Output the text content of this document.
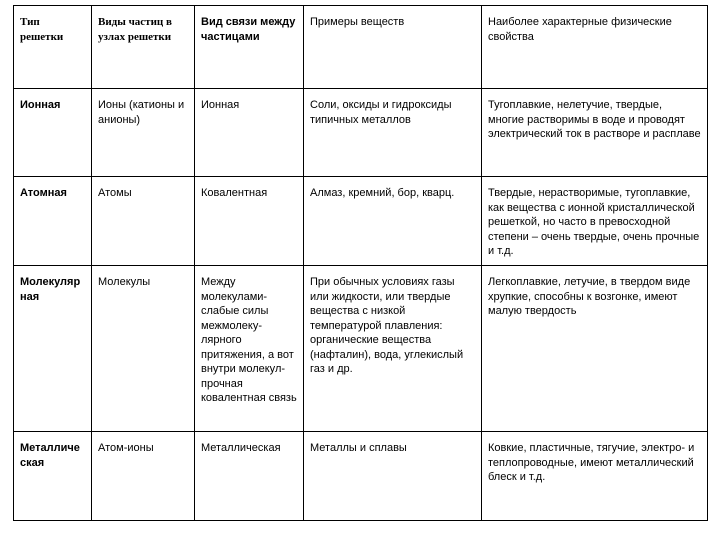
Тип решетки	Виды частиц в узлах решетки	Вид связи между частицами	Примеры веществ	Наиболее характерные физические свойства
Ионная	Ионы (катионы и анионы)	Ионная	Соли, оксиды и гидроксиды типичных металлов	Тугоплавкие, нелетучие, твердые, многие растворимы в воде и проводят электрический ток в растворе и расплаве
Атомная	Атомы	Ковалентная	Алмаз, кремний, бор, кварц.	Твердые, нерастворимые, тугоплавкие, как вещества с ионной кристаллической решеткой, но часто в превосходной степени – очень твердые, очень прочные и т.д.
Молекулярная	Молекулы	Между молекулами- слабые силы межмолеку- лярного притяжения, а вот внутри молекул- прочная ковалентная связь	При обычных условиях газы или жидкости, или твердые вещества с низкой температурой плавления: органические вещества (нафталин), вода, углекислый газ и др.	Легкоплавкие, летучие, в твердом виде хрупкие, способны к возгонке, имеют малую твердость
Металлическая	Атом-ионы	Металлическая	Металлы и сплавы	Ковкие, пластичные, тягучие, электро- и теплопроводные, имеют металлический блеск и т.д.
